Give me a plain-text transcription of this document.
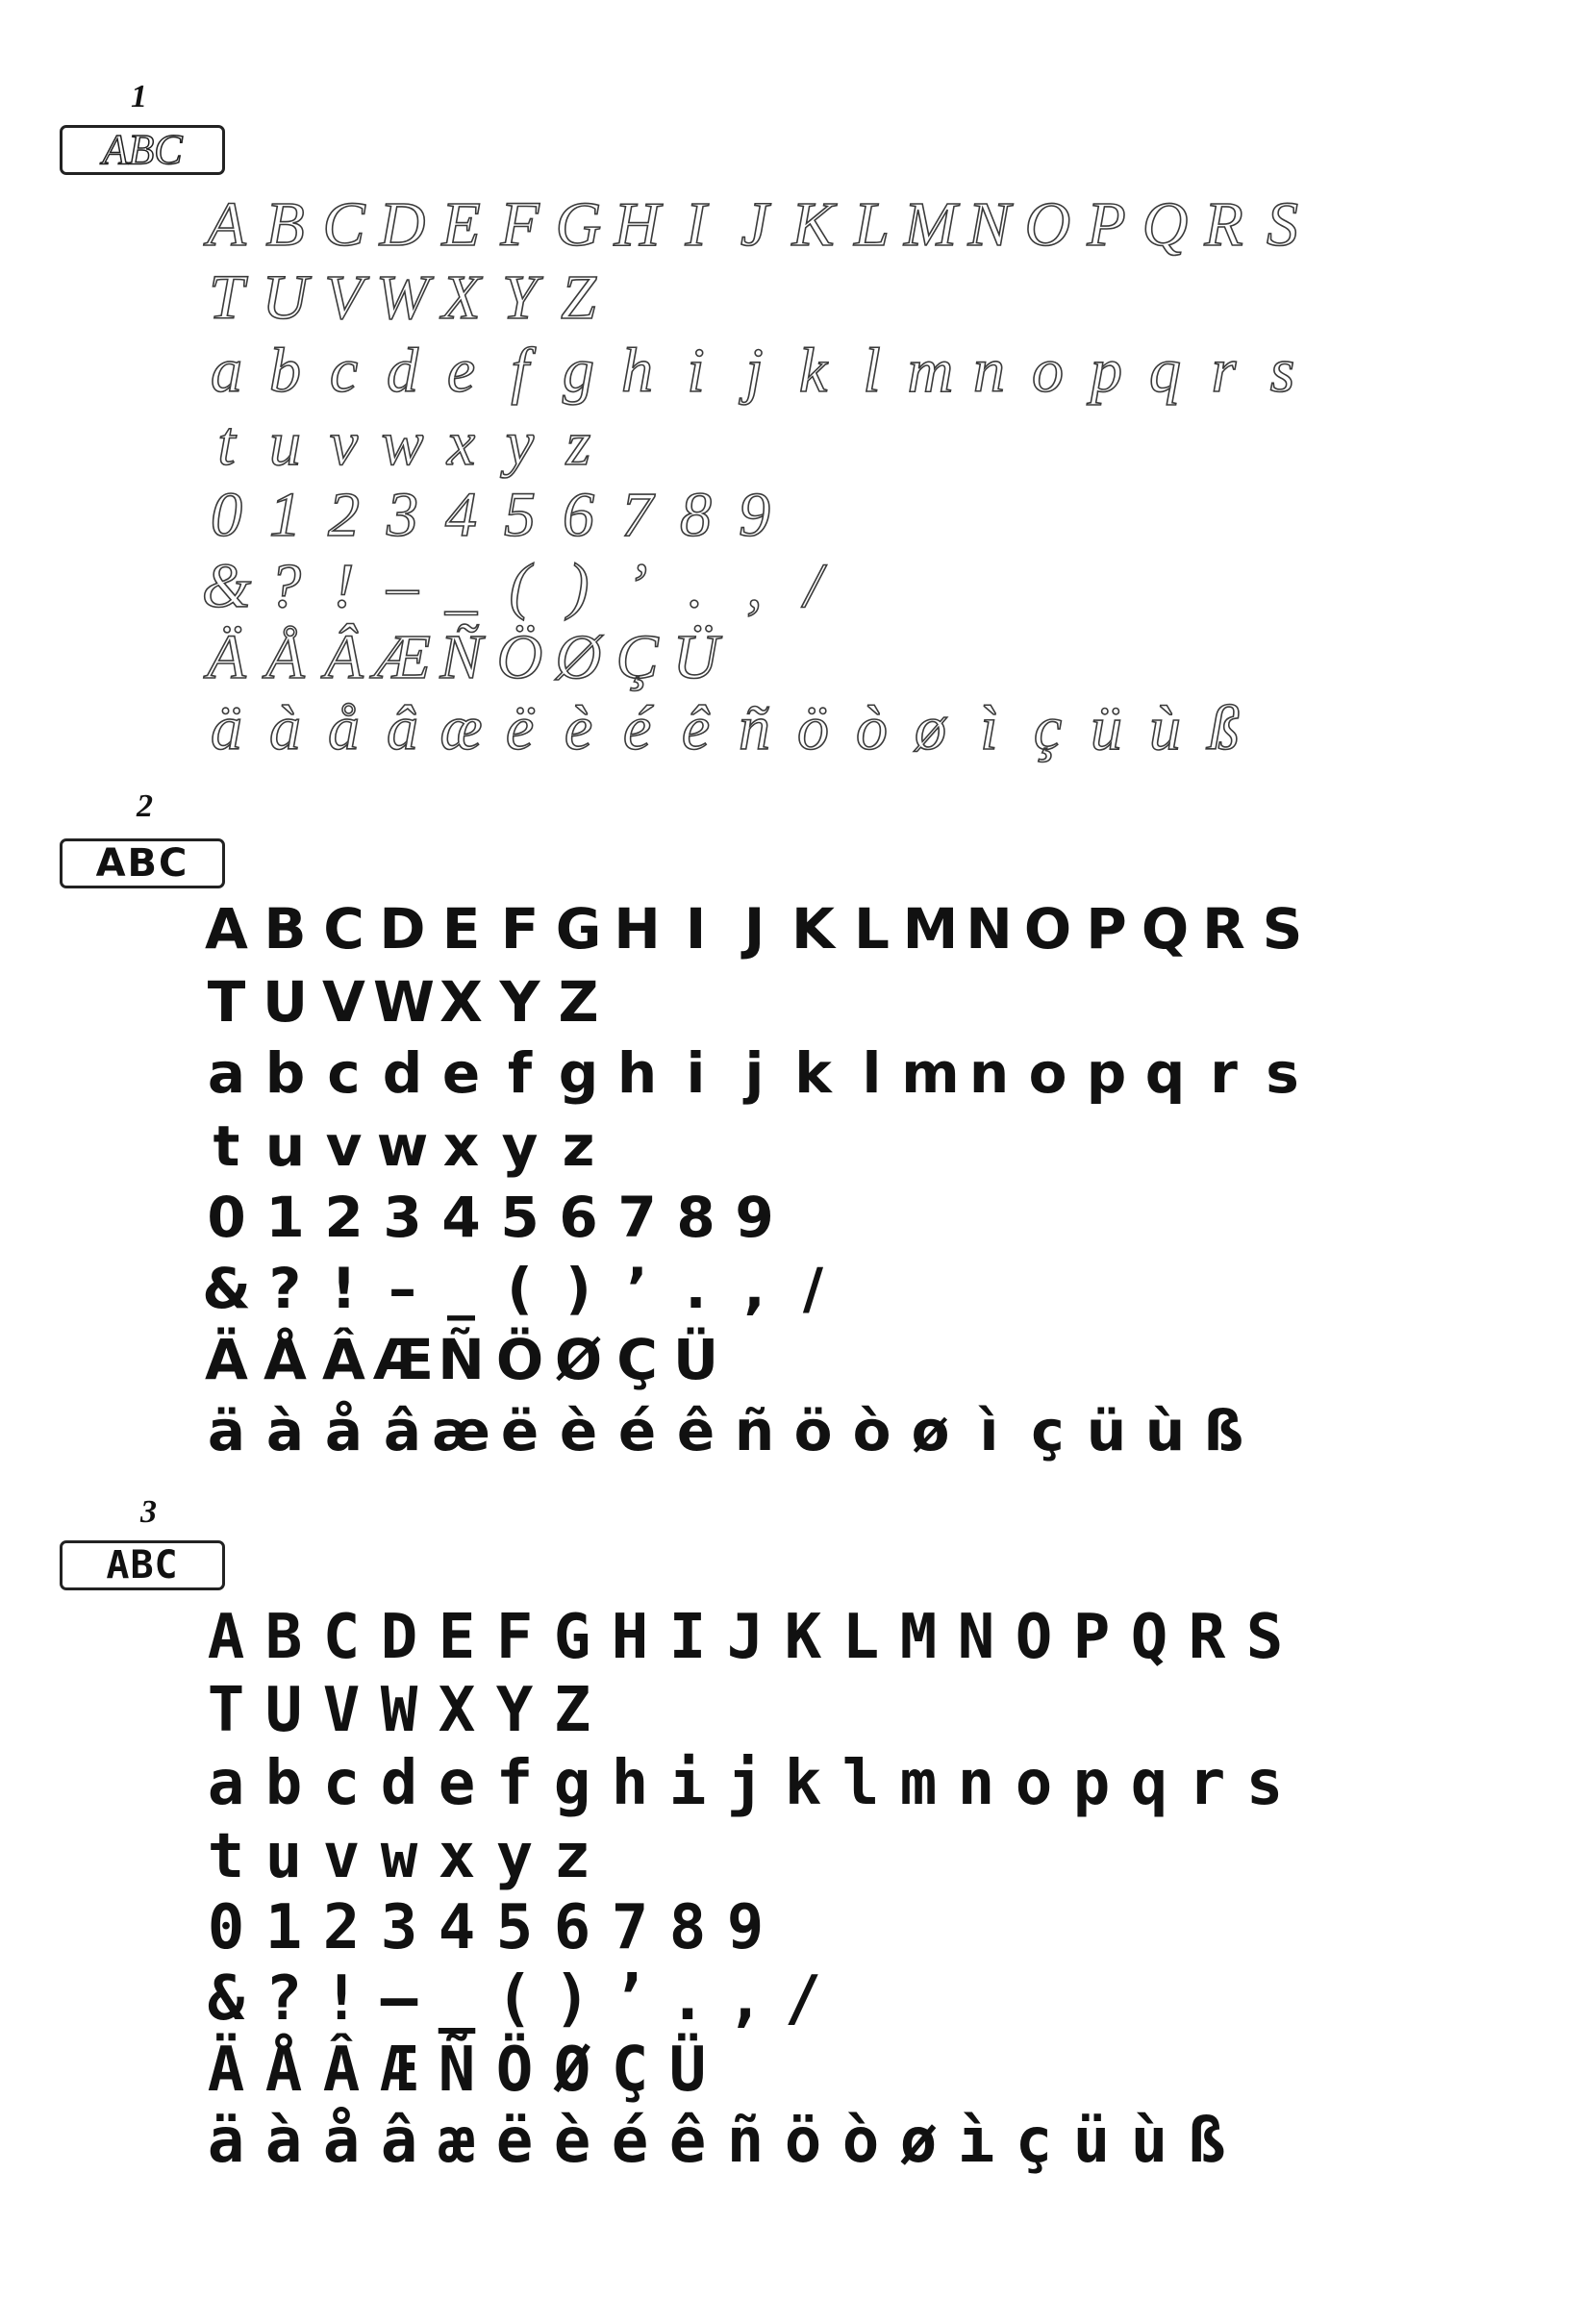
1
ABC
A B C D E F G H I J K L M N O P Q R S
T U V W X Y Z
a b c d e f g h i j k l m n o p q r s
t u v w x y z
0 1 2 3 4 5 6 7 8 9
& ? ! – _ ( ) ’ . , /
Ä Å Â Æ Ñ Ö Ø Ç Ü
ä à å â æ ë è é ê ñ ö ò ø ì ç ü ù ß
2
ABC
A B C D E F G H I J K L M N O P Q R S
T U V W X Y Z
a b c d e f g h i j k l m n o p q r s
t u v w x y z
0 1 2 3 4 5 6 7 8 9
& ? ! – _ ( ) ’ . , /
Ä Å Â Æ Ñ Ö Ø Ç Ü
ä à å â æ ë è é ê ñ ö ò ø ì ç ü ù ß
3
ABC
A B C D E F G H I J K L M N O P Q R S
T U V W X Y Z
a b c d e f g h i j k l m n o p q r s
t u v w x y z
0 1 2 3 4 5 6 7 8 9
& ? ! – _ ( ) ’ . , /
Ä Å Â Æ Ñ Ö Ø Ç Ü
ä à å â æ ë è é ê ñ ö ò ø ì ç ü ù ß
